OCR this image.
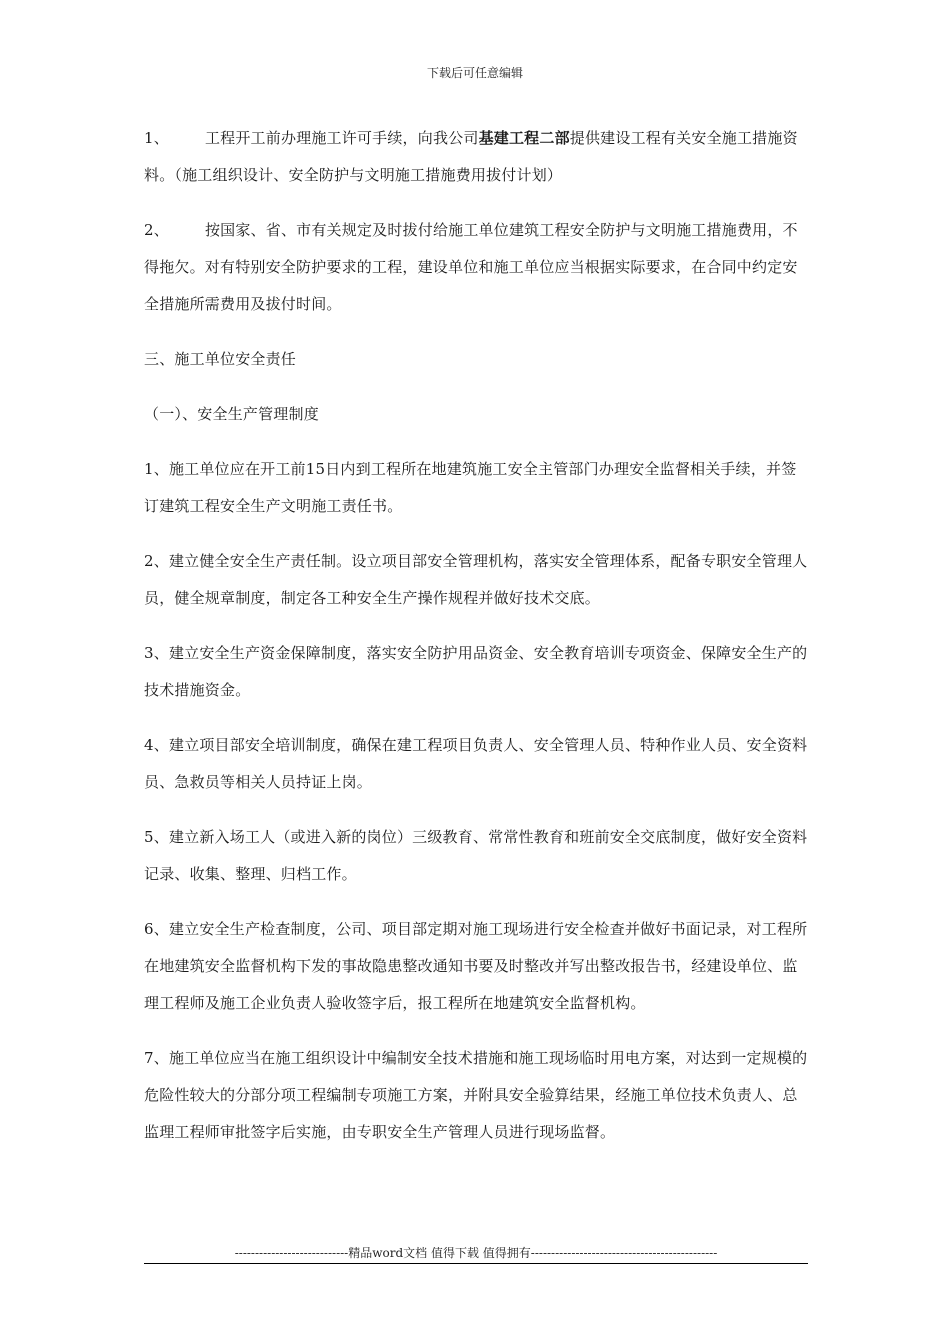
下载后可任意编辑

1、 工程开工前办理施工许可手续，向我公司基建工程二部提供建设工程有关安全施工措施资料。（施工组织设计、安全防护与文明施工措施费用拔付计划）

2、 按国家、省、市有关规定及时拔付给施工单位建筑工程安全防护与文明施工措施费用，不得拖欠。对有特别安全防护要求的工程，建设单位和施工单位应当根据实际要求，在合同中约定安全措施所需费用及拔付时间。

三、施工单位安全责任

（一）、安全生产管理制度

1、施工单位应在开工前15日内到工程所在地建筑施工安全主管部门办理安全监督相关手续，并签订建筑工程安全生产文明施工责任书。

2、建立健全安全生产责任制。设立项目部安全管理机构，落实安全管理体系，配备专职安全管理人员，健全规章制度，制定各工种安全生产操作规程并做好技术交底。

3、建立安全生产资金保障制度，落实安全防护用品资金、安全教育培训专项资金、保障安全生产的技术措施资金。

4、建立项目部安全培训制度，确保在建工程项目负责人、安全管理人员、特种作业人员、安全资料员、急救员等相关人员持证上岗。

5、建立新入场工人（或进入新的岗位）三级教育、常常性教育和班前安全交底制度，做好安全资料记录、收集、整理、归档工作。

6、建立安全生产检查制度，公司、项目部定期对施工现场进行安全检查并做好书面记录，对工程所在地建筑安全监督机构下发的事故隐患整改通知书要及时整改并写出整改报告书，经建设单位、监理工程师及施工企业负责人验收签字后，报工程所在地建筑安全监督机构。

7、施工单位应当在施工组织设计中编制安全技术措施和施工现场临时用电方案，对达到一定规模的危险性较大的分部分项工程编制专项施工方案，并附具安全验算结果，经施工单位技术负责人、总监理工程师审批签字后实施，由专职安全生产管理人员进行现场监督。

----------------------------精品word文档 值得下载 值得拥有----------------------------------------------
